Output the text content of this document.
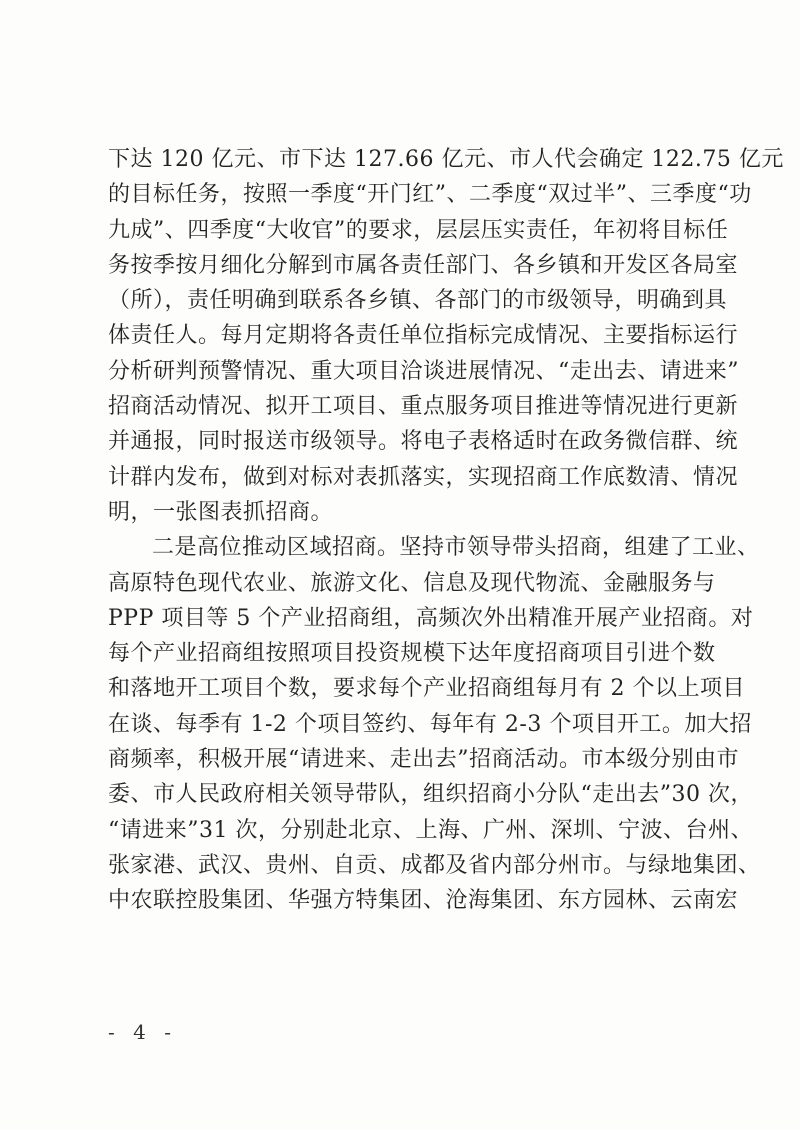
下达 120 亿元、市下达 127.66 亿元、市人代会确定 122.75 亿元
的目标任务，按照一季度“开门红”、二季度“双过半”、三季度“功
九成”、四季度“大收官”的要求，层层压实责任，年初将目标任
务按季按月细化分解到市属各责任部门、各乡镇和开发区各局室
（所），责任明确到联系各乡镇、各部门的市级领导，明确到具
体责任人。每月定期将各责任单位指标完成情况、主要指标运行
分析研判预警情况、重大项目洽谈进展情况、“走出去、请进来”
招商活动情况、拟开工项目、重点服务项目推进等情况进行更新
并通报，同时报送市级领导。将电子表格适时在政务微信群、统
计群内发布，做到对标对表抓落实，实现招商工作底数清、情况
明，一张图表抓招商。
二是高位推动区域招商。坚持市领导带头招商，组建了工业、
高原特色现代农业、旅游文化、信息及现代物流、金融服务与
PPP 项目等 5 个产业招商组，高频次外出精准开展产业招商。对
每个产业招商组按照项目投资规模下达年度招商项目引进个数
和落地开工项目个数，要求每个产业招商组每月有 2 个以上项目
在谈、每季有 1-2 个项目签约、每年有 2-3 个项目开工。加大招
商频率，积极开展“请进来、走出去”招商活动。市本级分别由市
委、市人民政府相关领导带队，组织招商小分队“走出去”30 次，
“请进来”31 次，分别赴北京、上海、广州、深圳、宁波、台州、
张家港、武汉、贵州、自贡、成都及省内部分州市。与绿地集团、
中农联控股集团、华强方特集团、沧海集团、东方园林、云南宏
- 4 -
